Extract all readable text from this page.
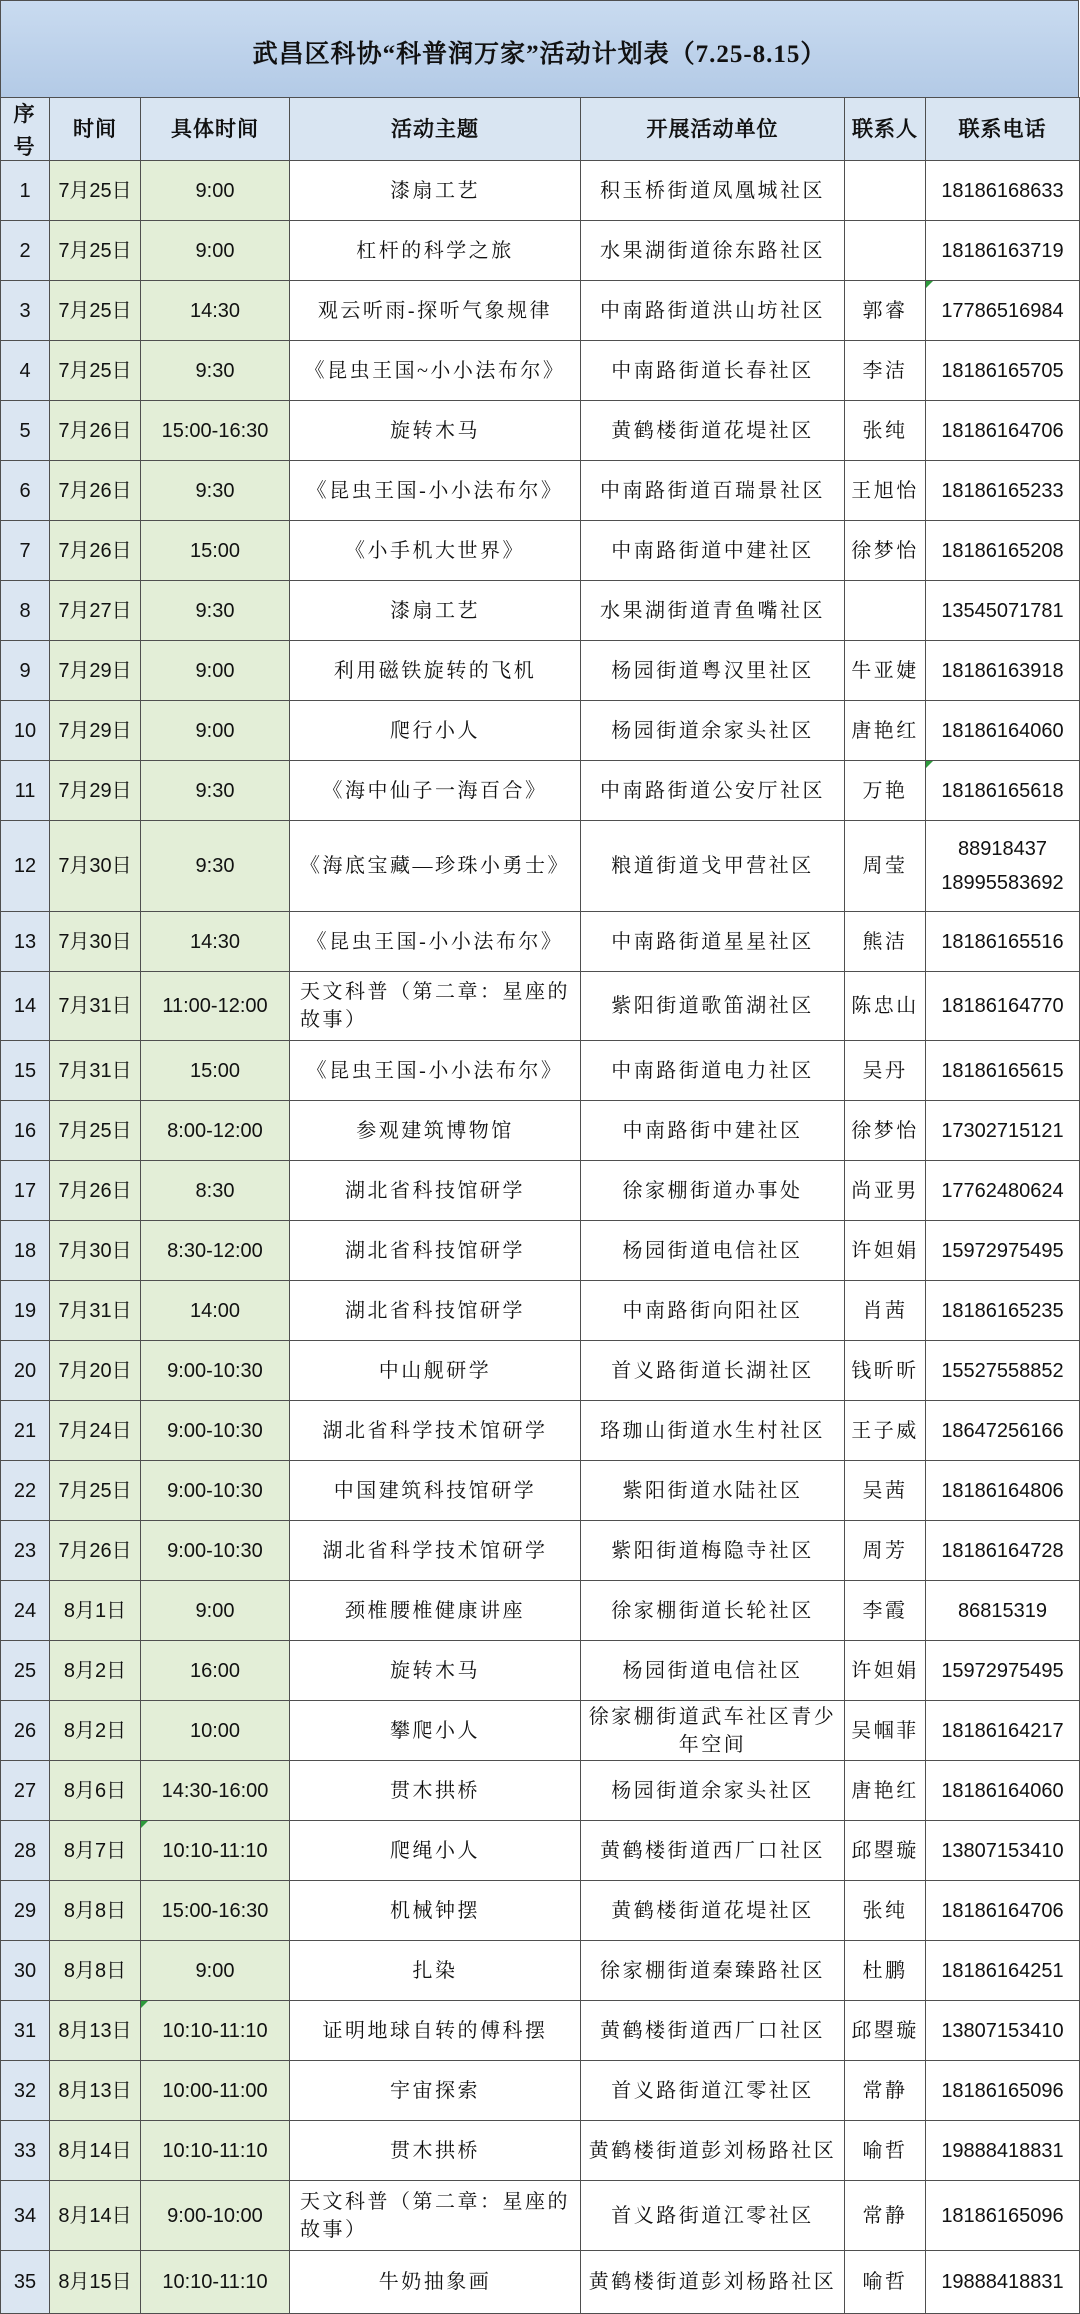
武昌区科协“科普润万家”活动计划表（7.25-8.15）
序号	时间	具体时间	活动主题	开展活动单位	联系人	联系电话
1	7月25日	9:00	漆扇工艺	积玉桥街道凤凰城社区		18186168633

2	7月25日	9:00	杠杆的科学之旅	水果湖街道徐东路社区		18186163719

3	7月25日	14:30	观云听雨-探听气象规律	中南路街道洪山坊社区	郭睿	17786516984

4	7月25日	9:30	《昆虫王国~小小法布尔》	中南路街道长春社区	李洁	18186165705

5	7月26日	15:00-16:30	旋转木马	黄鹤楼街道花堤社区	张纯	18186164706

6	7月26日	9:30	《昆虫王国-小小法布尔》	中南路街道百瑞景社区	王旭怡	18186165233

7	7月26日	15:00	《小手机大世界》	中南路街道中建社区	徐梦怡	18186165208

8	7月27日	9:30	漆扇工艺	水果湖街道青鱼嘴社区		13545071781

9	7月29日	9:00	利用磁铁旋转的飞机	杨园街道粤汉里社区	牛亚婕	18186163918

10	7月29日	9:00	爬行小人	杨园街道余家头社区	唐艳红	18186164060

11	7月29日	9:30	《海中仙子一海百合》	中南路街道公安厅社区	万艳	18186165618

12	7月30日	9:30	《海底宝藏—珍珠小勇士》	粮道街道戈甲营社区	周莹	88918437
18995583692

13	7月30日	14:30	《昆虫王国-小小法布尔》	中南路街道星星社区	熊洁	18186165516

14	7月31日	11:00-12:00	天文科普（第二章：星座的故事）	紫阳街道歌笛湖社区	陈忠山	18186164770

15	7月31日	15:00	《昆虫王国-小小法布尔》	中南路街道电力社区	吴丹	18186165615

16	7月25日	8:00-12:00	参观建筑博物馆	中南路街中建社区	徐梦怡	17302715121

17	7月26日	8:30	湖北省科技馆研学	徐家棚街道办事处	尚亚男	17762480624

18	7月30日	8:30-12:00	湖北省科技馆研学	杨园街道电信社区	许妲娟	15972975495

19	7月31日	14:00	湖北省科技馆研学	中南路街向阳社区	肖茜	18186165235

20	7月20日	9:00-10:30	中山舰研学	首义路街道长湖社区	钱昕昕	15527558852

21	7月24日	9:00-10:30	湖北省科学技术馆研学	珞珈山街道水生村社区	王子威	18647256166

22	7月25日	9:00-10:30	中国建筑科技馆研学	紫阳街道水陆社区	吴茜	18186164806

23	7月26日	9:00-10:30	湖北省科学技术馆研学	紫阳街道梅隐寺社区	周芳	18186164728

24	8月1日	9:00	颈椎腰椎健康讲座	徐家棚街道长轮社区	李霞	86815319

25	8月2日	16:00	旋转木马	杨园街道电信社区	许妲娟	15972975495

26	8月2日	10:00	攀爬小人	徐家棚街道武车社区青少年空间	吴帼菲	18186164217

27	8月6日	14:30-16:00	贯木拱桥	杨园街道余家头社区	唐艳红	18186164060

28	8月7日	10:10-11:10	爬绳小人	黄鹤楼街道西厂口社区	邱曌璇	13807153410

29	8月8日	15:00-16:30	机械钟摆	黄鹤楼街道花堤社区	张纯	18186164706

30	8月8日	9:00	扎染	徐家棚街道秦臻路社区	杜鹏	18186164251

31	8月13日	10:10-11:10	证明地球自转的傅科摆	黄鹤楼街道西厂口社区	邱曌璇	13807153410

32	8月13日	10:00-11:00	宇宙探索	首义路街道江零社区	常静	18186165096

33	8月14日	10:10-11:10	贯木拱桥	黄鹤楼街道彭刘杨路社区	喻哲	19888418831

34	8月14日	9:00-10:00	天文科普（第二章：星座的故事）	首义路街道江零社区	常静	18186165096

35	8月15日	10:10-11:10	牛奶抽象画	黄鹤楼街道彭刘杨路社区	喻哲	19888418831
